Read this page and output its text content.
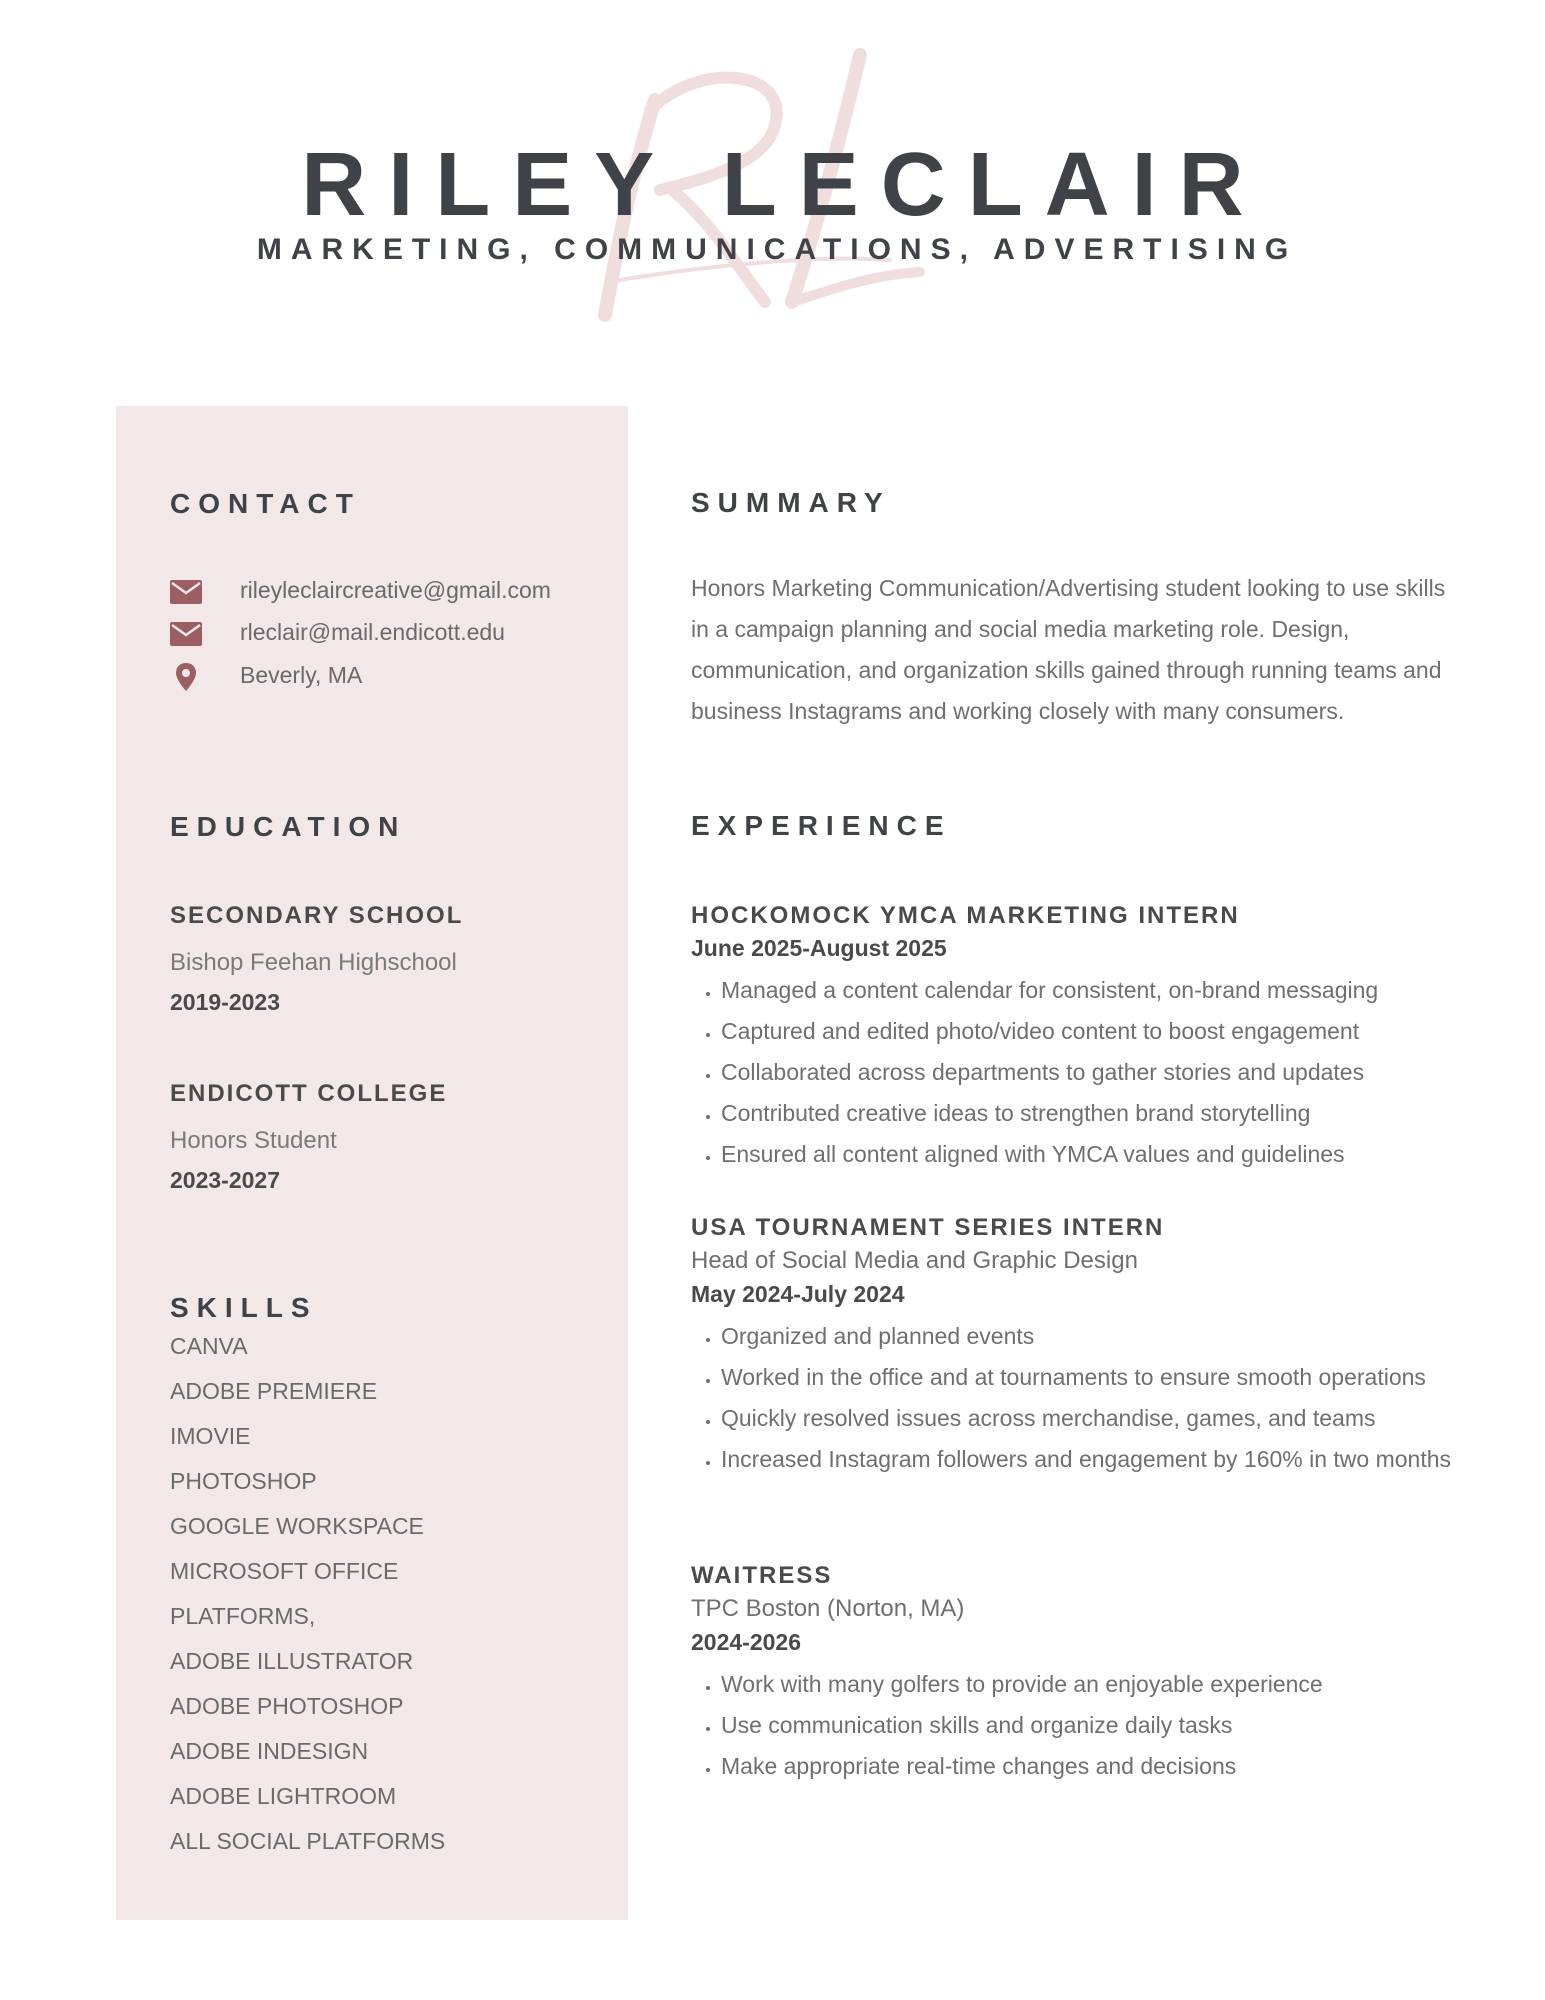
RILEY LECLAIR
MARKETING, COMMUNICATIONS, ADVERTISING
CONTACT
rileyleclaircreative@gmail.com
rleclair@mail.endicott.edu
Beverly, MA
EDUCATION
SECONDARY SCHOOL
Bishop Feehan Highschool
2019-2023
ENDICOTT COLLEGE
Honors Student
2023-2027
SKILLS
CANVA
ADOBE PREMIERE
IMOVIE
PHOTOSHOP
GOOGLE WORKSPACE
MICROSOFT OFFICE
PLATFORMS,
ADOBE ILLUSTRATOR
ADOBE PHOTOSHOP
ADOBE INDESIGN
ADOBE LIGHTROOM
ALL SOCIAL PLATFORMS
SUMMARY

Honors Marketing Communication/Advertising student looking to use skills in a campaign planning and social media marketing role. Design, communication, and organization skills gained through running teams and business Instagrams and working closely with many consumers.

EXPERIENCE
HOCKOMOCK YMCA MARKETING INTERN
June 2025-August 2025
• Managed a content calendar for consistent, on-brand messaging
• Captured and edited photo/video content to boost engagement
• Collaborated across departments to gather stories and updates
• Contributed creative ideas to strengthen brand storytelling
• Ensured all content aligned with YMCA values and guidelines
USA TOURNAMENT SERIES INTERN
Head of Social Media and Graphic Design
May 2024-July 2024
• Organized and planned events
• Worked in the office and at tournaments to ensure smooth operations
• Quickly resolved issues across merchandise, games, and teams
• Increased Instagram followers and engagement by 160% in two months
WAITRESS
TPC Boston (Norton, MA)
2024-2026
• Work with many golfers to provide an enjoyable experience
• Use communication skills and organize daily tasks
• Make appropriate real-time changes and decisions
